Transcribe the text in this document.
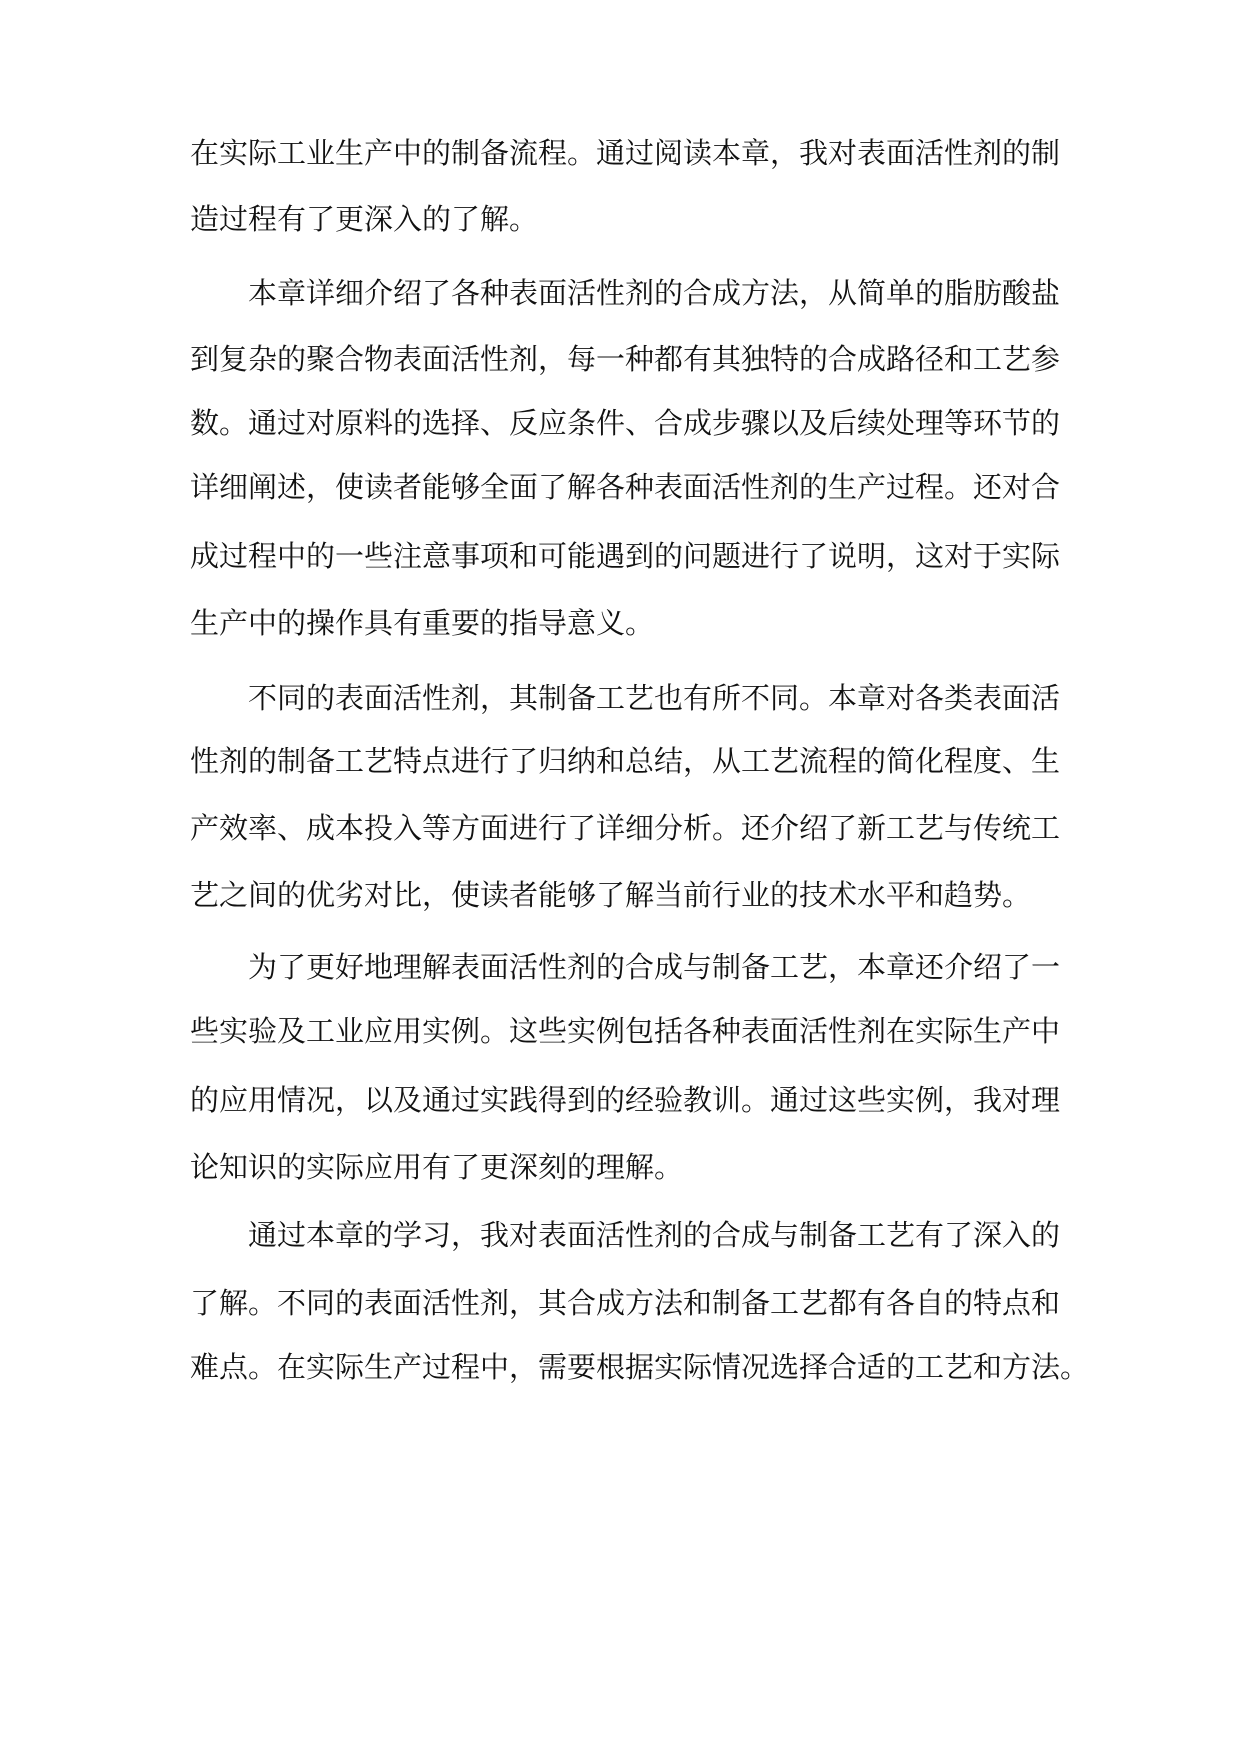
在实际工业生产中的制备流程。通过阅读本章，我对表面活性剂的制
造过程有了更深入的了解。
本章详细介绍了各种表面活性剂的合成方法，从简单的脂肪酸盐
到复杂的聚合物表面活性剂，每一种都有其独特的合成路径和工艺参
数。通过对原料的选择、反应条件、合成步骤以及后续处理等环节的
详细阐述，使读者能够全面了解各种表面活性剂的生产过程。还对合
成过程中的一些注意事项和可能遇到的问题进行了说明，这对于实际
生产中的操作具有重要的指导意义。
不同的表面活性剂，其制备工艺也有所不同。本章对各类表面活
性剂的制备工艺特点进行了归纳和总结，从工艺流程的简化程度、生
产效率、成本投入等方面进行了详细分析。还介绍了新工艺与传统工
艺之间的优劣对比，使读者能够了解当前行业的技术水平和趋势。
为了更好地理解表面活性剂的合成与制备工艺，本章还介绍了一
些实验及工业应用实例。这些实例包括各种表面活性剂在实际生产中
的应用情况，以及通过实践得到的经验教训。通过这些实例，我对理
论知识的实际应用有了更深刻的理解。
通过本章的学习，我对表面活性剂的合成与制备工艺有了深入的
了解。不同的表面活性剂，其合成方法和制备工艺都有各自的特点和
难点。在实际生产过程中，需要根据实际情况选择合适的工艺和方法。
